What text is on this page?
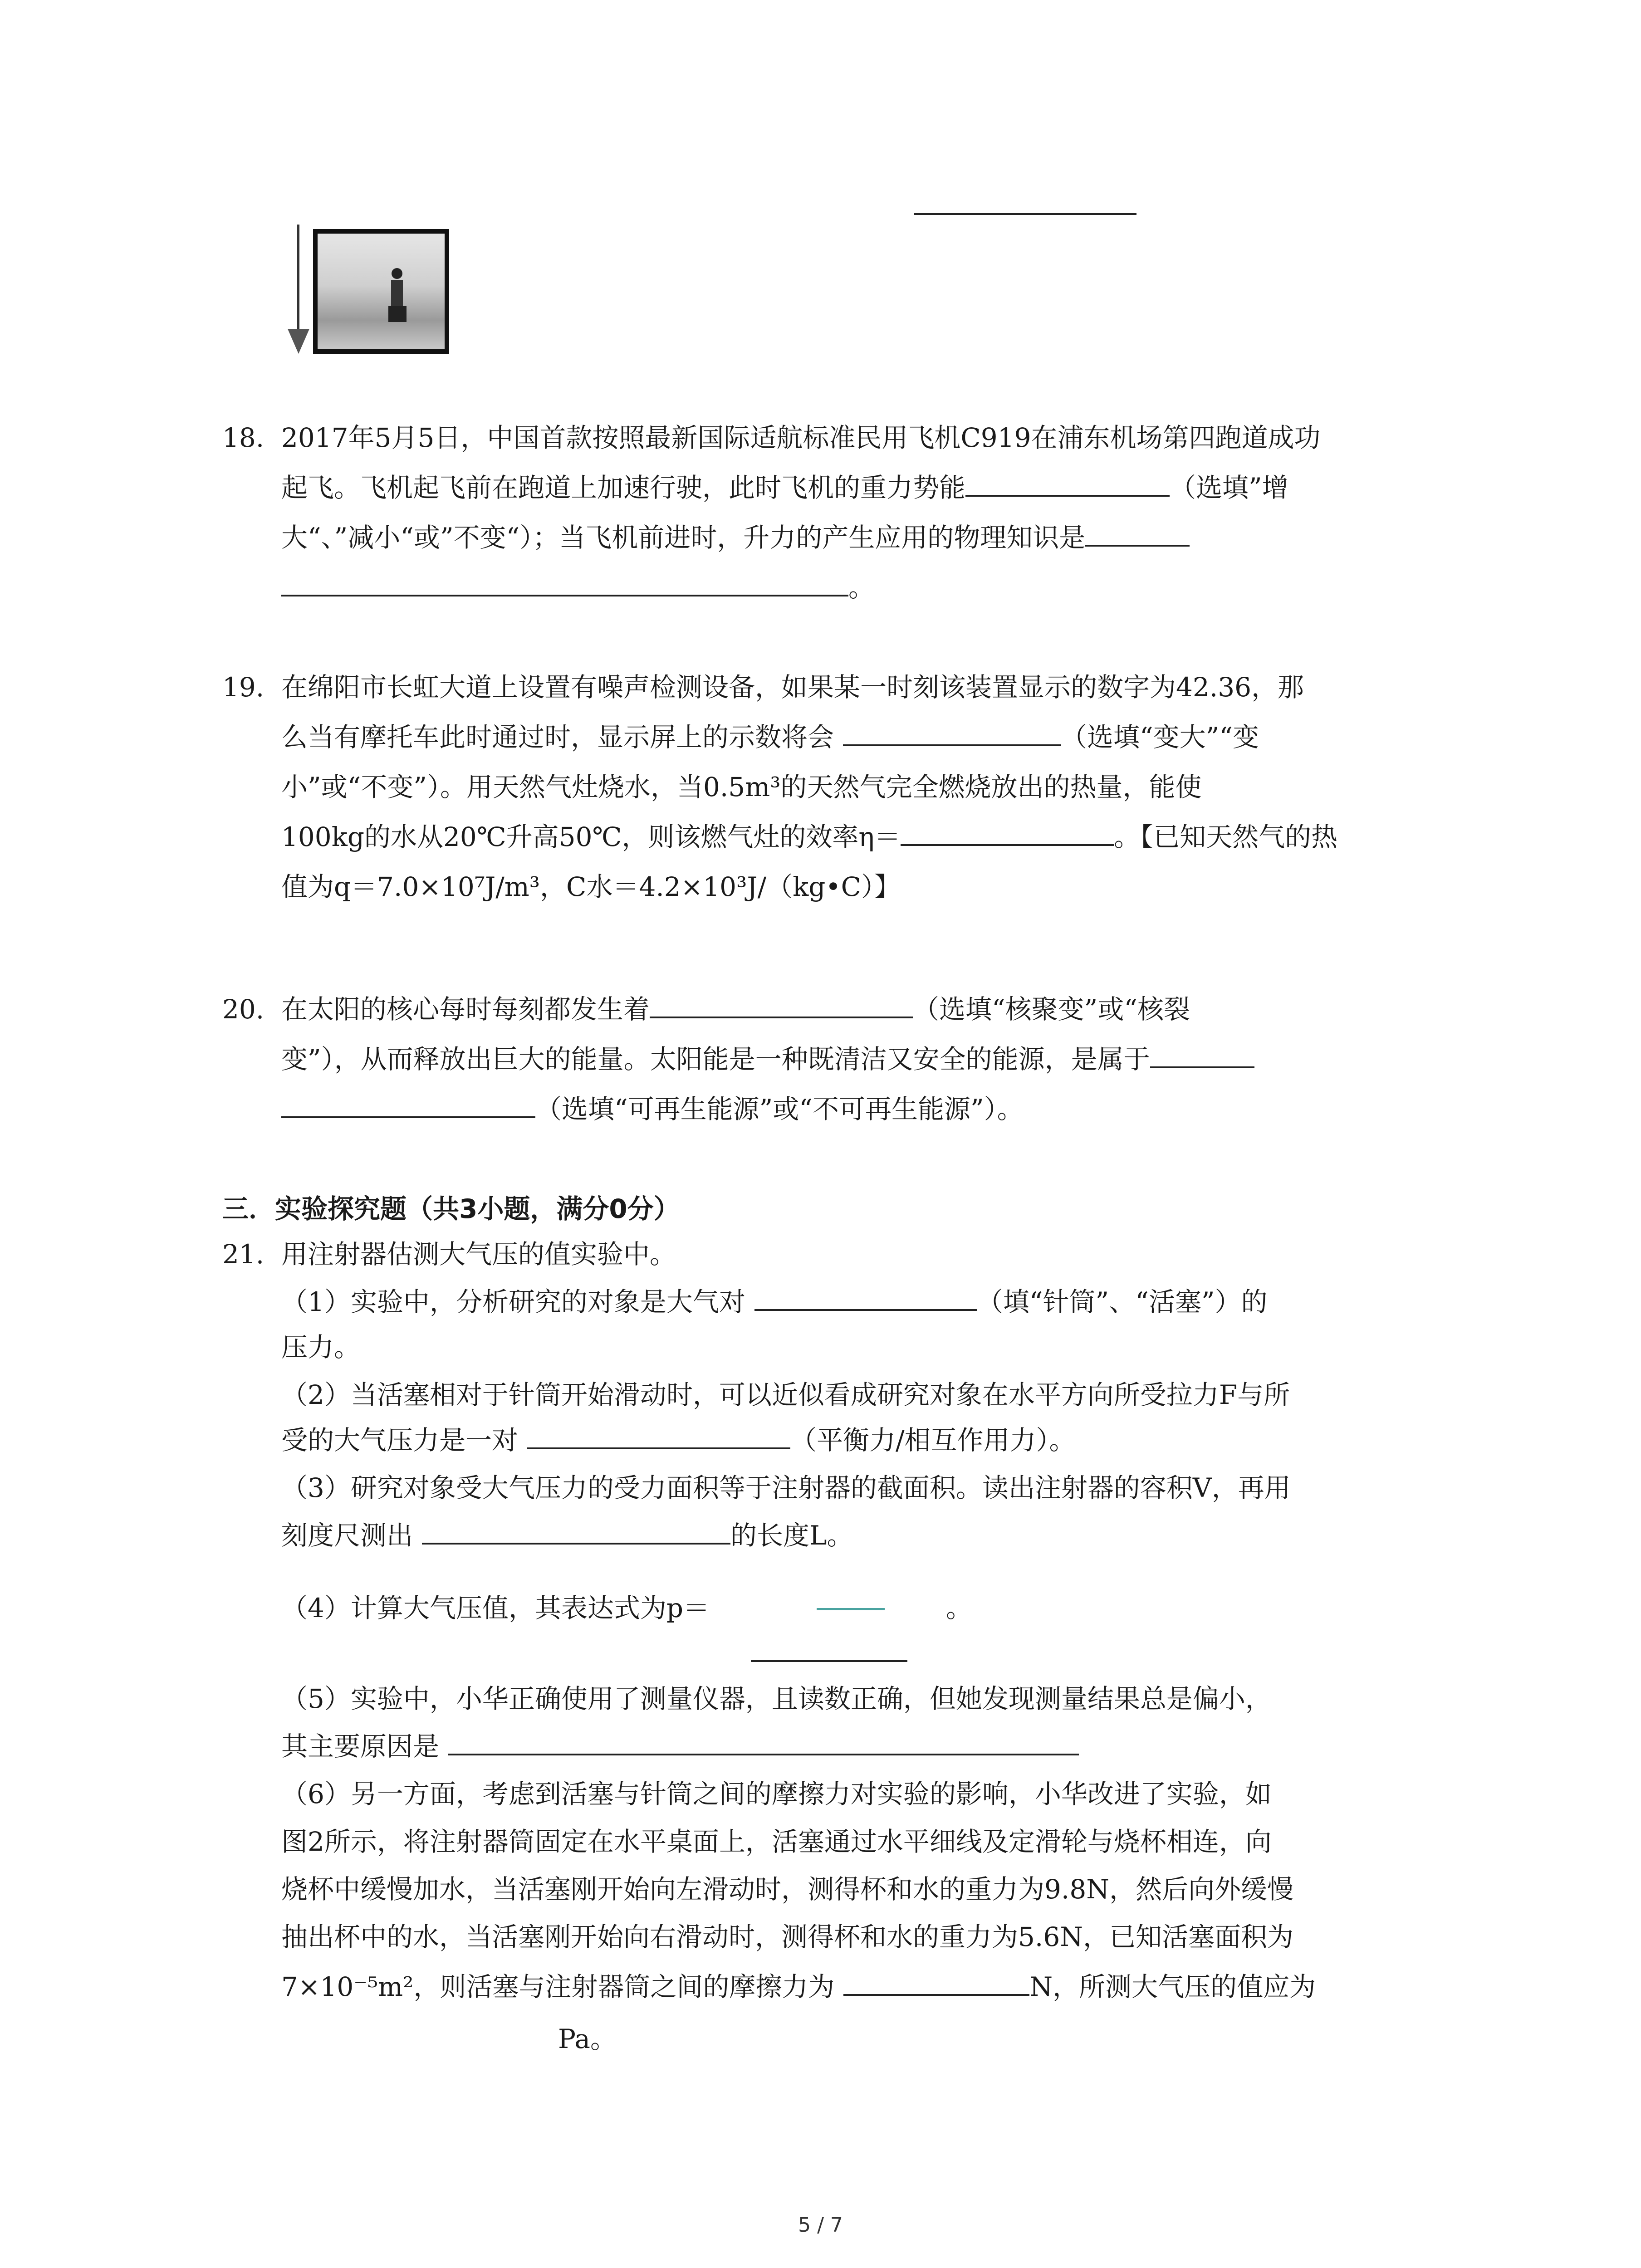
18. 2017年5月5日，中国首款按照最新国际适航标准民用飞机C919在浦东机场第四跑道成功
起飞。飞机起飞前在跑道上加速行驶，此时飞机的重力势能	（选填”增
大“、”减小“或”不变“）；当飞机前进时，升力的产生应用的物理知识是
。
19. 在绵阳市长虹大道上设置有噪声检测设备，如果某一时刻该装置显示的数字为42.36，那
么当有摩托车此时通过时，显示屏上的示数将会	（选填“变大”“变
小”或“不变”）。用天然气灶烧水，当0.5m³的天然气完全燃烧放出的热量，能使
100kg的水从20℃升高50℃，则该燃气灶的效率η＝	。【已知天然气的热
值为q＝7.0×10⁷J/m³，C水＝4.2×10³J/（kg•C）】
20. 在太阳的核心每时每刻都发生着	（选填“核聚变”或“核裂
变”），从而释放出巨大的能量。太阳能是一种既清洁又安全的能源，是属于
（选填“可再生能源”或“不可再生能源”）。
三．实验探究题（共3小题，满分0分）
21. 用注射器估测大气压的值实验中。
（1）实验中，分析研究的对象是大气对	（填“针筒”、“活塞”）的
压力。
（2）当活塞相对于针筒开始滑动时，可以近似看成研究对象在水平方向所受拉力F与所
受的大气压力是一对	（平衡力/相互作用力）。
（3）研究对象受大气压力的受力面积等于注射器的截面积。读出注射器的容积V，再用
刻度尺测出	的长度L。
（4）计算大气压值，其表达式为p＝	。
（5）实验中，小华正确使用了测量仪器，且读数正确，但她发现测量结果总是偏小，
其主要原因是
（6）另一方面，考虑到活塞与针筒之间的摩擦力对实验的影响，小华改进了实验，如
图2所示，将注射器筒固定在水平桌面上，活塞通过水平细线及定滑轮与烧杯相连，向
烧杯中缓慢加水，当活塞刚开始向左滑动时，测得杯和水的重力为9.8N，然后向外缓慢
抽出杯中的水，当活塞刚开始向右滑动时，测得杯和水的重力为5.6N，已知活塞面积为
7×10⁻⁵m²，则活塞与注射器筒之间的摩擦力为	N，所测大气压的值应为
Pa。
5 / 7
